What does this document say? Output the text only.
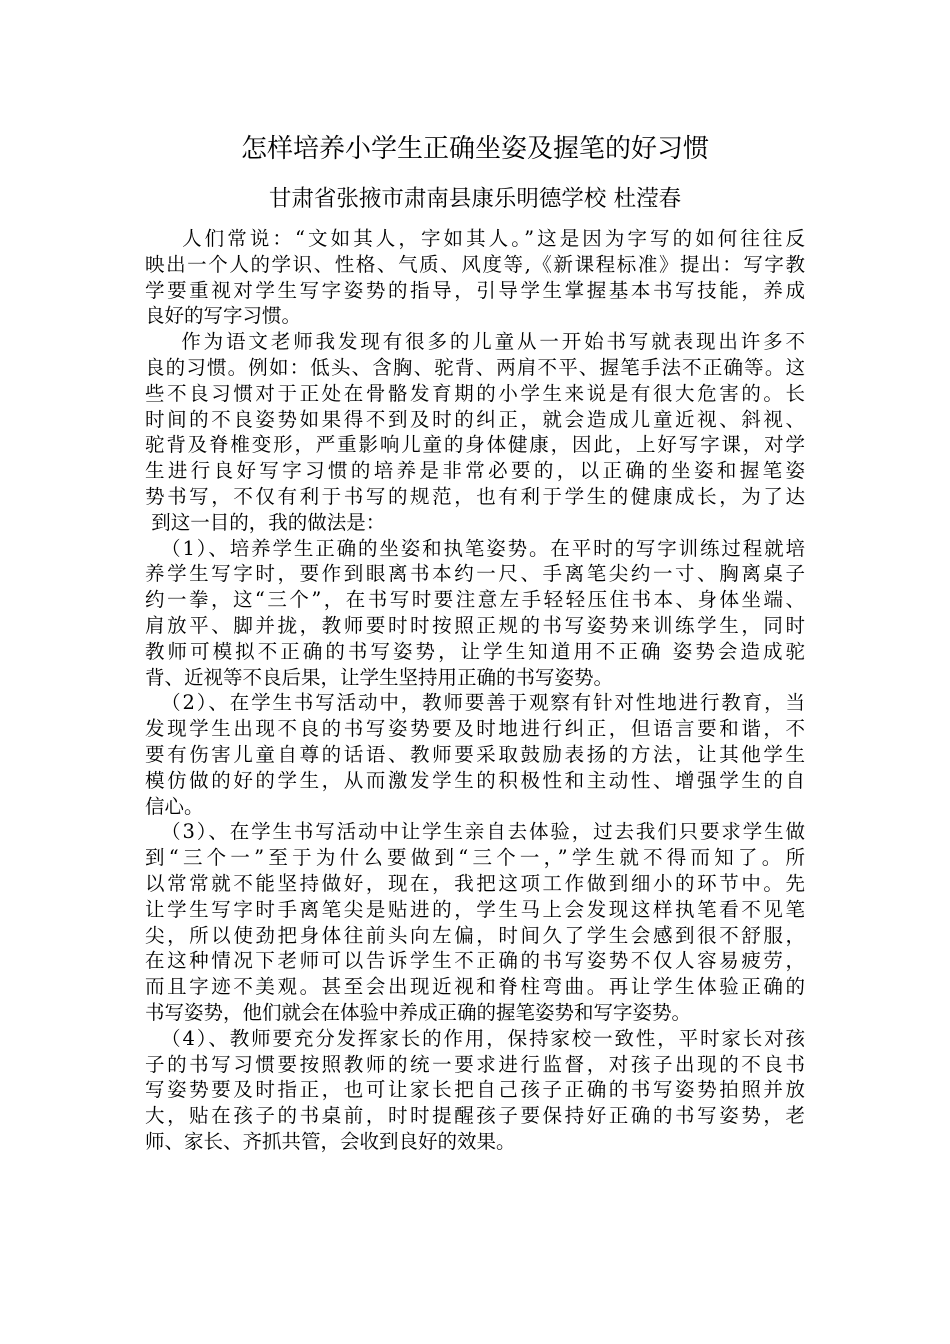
怎样培养小学生正确坐姿及握笔的好习惯
甘肃省张掖市肃南县康乐明德学校 杜滢春
人们常说：“文如其人，字如其人。”这是因为字写的如何往往反
映出一个人的学识、性格、气质、风度等,《新课程标准》提出：写字教
学要重视对学生写字姿势的指导，引导学生掌握基本书写技能，养成
良好的写字习惯。
作为语文老师我发现有很多的儿童从一开始书写就表现出许多不
良的习惯。例如：低头、含胸、驼背、两肩不平、握笔手法不正确等。这
些不良习惯对于正处在骨骼发育期的小学生来说是有很大危害的。长
时间的不良姿势如果得不到及时的纠正，就会造成儿童近视、斜视、
驼背及脊椎变形，严重影响儿童的身体健康，因此，上好写字课，对学
生进行良好写字习惯的培养是非常必要的，以正确的坐姿和握笔姿
势书写，不仅有利于书写的规范，也有利于学生的健康成长，为了达
到这一目的，我的做法是：
（1）、培养学生正确的坐姿和执笔姿势。在平时的写字训练过程就培
养学生写字时，要作到眼离书本约一尺、手离笔尖约一寸、胸离桌子
约一拳，这“三个”，在书写时要注意左手轻轻压住书本、身体坐端、
肩放平、脚并拢，教师要时时按照正规的书写姿势来训练学生，同时
教师可模拟不正确的书写姿势，让学生知道用不正确 姿势会造成驼
背、近视等不良后果，让学生坚持用正确的书写姿势。
（2）、在学生书写活动中，教师要善于观察有针对性地进行教育，当
发现学生出现不良的书写姿势要及时地进行纠正，但语言要和谐，不
要有伤害儿童自尊的话语、教师要采取鼓励表扬的方法，让其他学生
模仿做的好的学生，从而激发学生的积极性和主动性、增强学生的自
信心。
（3）、在学生书写活动中让学生亲自去体验，过去我们只要求学生做
到“三个一”至于为什么要做到“三个一，”学生就不得而知了。所
以常常就不能坚持做好，现在，我把这项工作做到细小的环节中。先
让学生写字时手离笔尖是贴进的，学生马上会发现这样执笔看不见笔
尖，所以使劲把身体往前头向左偏，时间久了学生会感到很不舒服，
在这种情况下老师可以告诉学生不正确的书写姿势不仅人容易疲劳，
而且字迹不美观。甚至会出现近视和脊柱弯曲。再让学生体验正确的
书写姿势，他们就会在体验中养成正确的握笔姿势和写字姿势。
（4）、教师要充分发挥家长的作用，保持家校一致性，平时家长对孩
子的书写习惯要按照教师的统一要求进行监督，对孩子出现的不良书
写姿势要及时指正，也可让家长把自己孩子正确的书写姿势拍照并放
大，贴在孩子的书桌前，时时提醒孩子要保持好正确的书写姿势，老
师、家长、齐抓共管，会收到良好的效果。
